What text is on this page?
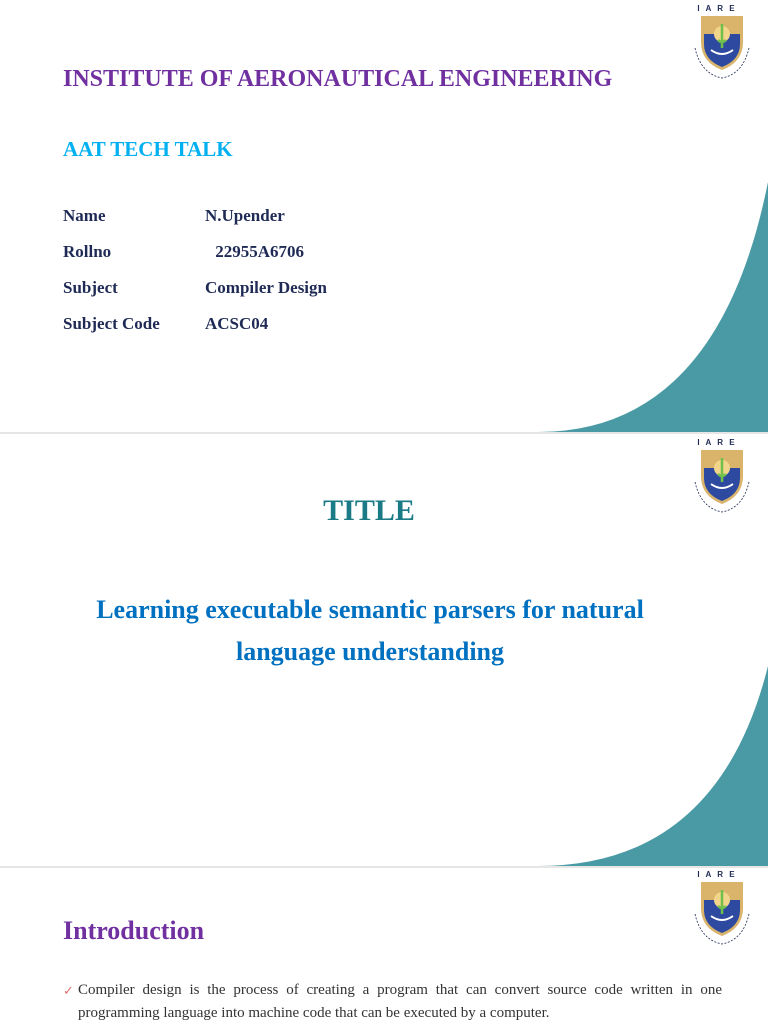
I A R E
INSTITUTE OF AERONAUTICAL ENGINEERING
AAT TECH TALK
Name	N.Upender
Rollno	22955A6706
Subject	Compiler Design
Subject Code	ACSC04
I A R E
TITLE

Learning executable semantic parsers for natural language understanding

I A R E
Introduction
✓ Compiler design is the process of creating a program that can convert source code written in one programming language into machine code that can be executed by a computer.
